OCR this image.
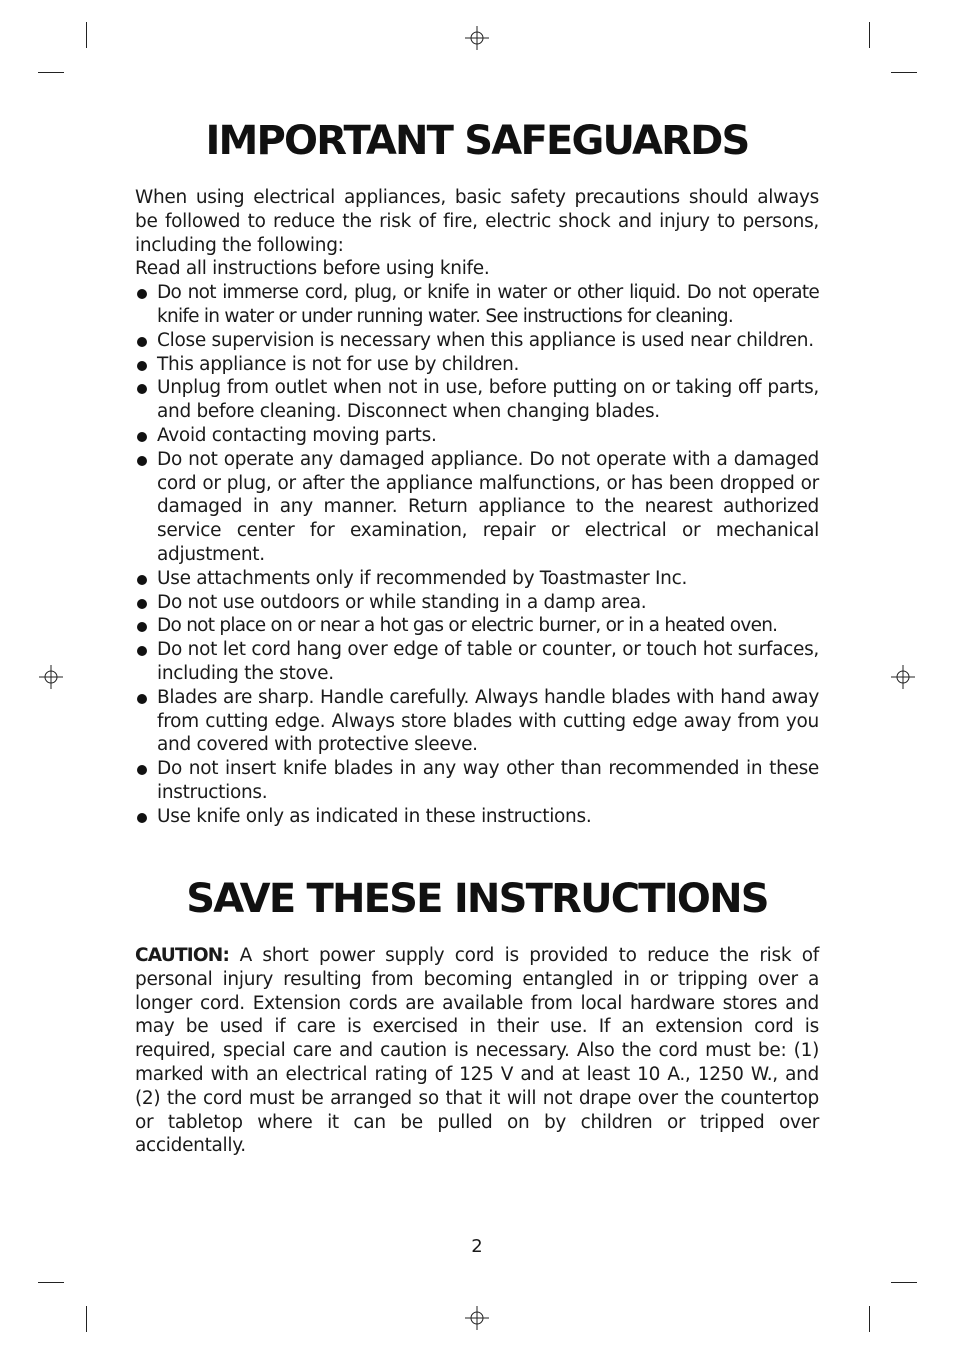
IMPORTANT SAFEGUARDS

When using electrical appliances, basic safety precautions should always be followed to reduce the risk of fire, electric shock and injury to persons, including the following:

Read all instructions before using knife.

Do not immerse cord, plug, or knife in water or other liquid. Do not operate knife in water or under running water. See instructions for cleaning.
Close supervision is necessary when this appliance is used near children.
This appliance is not for use by children.
Unplug from outlet when not in use, before putting on or taking off parts, and before cleaning. Disconnect when changing blades.
Avoid contacting moving parts.
Do not operate any damaged appliance. Do not operate with a damaged cord or plug, or after the appliance malfunctions, or has been dropped or damaged in any manner. Return appliance to the nearest authorized service center for examination, repair or electrical or mechanical adjustment.
Use attachments only if recommended by Toastmaster Inc.
Do not use outdoors or while standing in a damp area.
Do not place on or near a hot gas or electric burner, or in a heated oven.
Do not let cord hang over edge of table or counter, or touch hot surfaces, including the stove.
Blades are sharp. Handle carefully. Always handle blades with hand away from cutting edge. Always store blades with cutting edge away from you and covered with protective sleeve.
Do not insert knife blades in any way other than recommended in these instructions.
Use knife only as indicated in these instructions.
SAVE THESE INSTRUCTIONS
CAUTION: A short power supply cord is provided to reduce the risk of personal injury resulting from becoming entangled in or tripping over a longer cord. Extension cords are available from local hardware stores and may be used if care is exercised in their use. If an extension cord is required, special care and caution is necessary. Also the cord must be: (1) marked with an electrical rating of 125 V and at least 10 A., 1250 W., and (2) the cord must be arranged so that it will not drape over the countertop or tabletop where it can be pulled on by children or tripped over accidentally.
2
